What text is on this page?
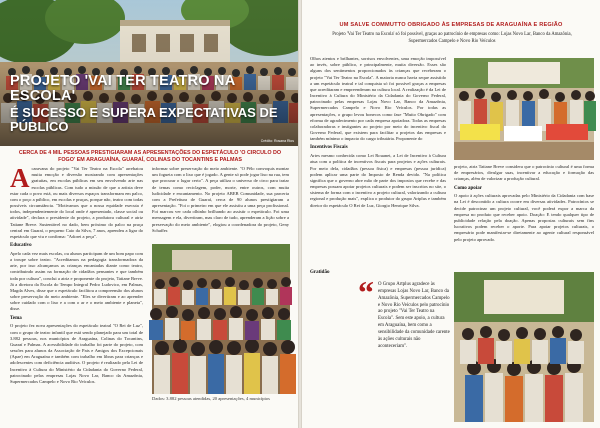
PROJETO 'VAI TER TEATRO NA ESCOLA'
É SUCESSO E SUPERA EXPECTATIVAS DE PÚBLICO
Crédito: Rosana Rios
CERCA DE 4 MIL PESSOAS PRESTIGIARAM AS APRESENTAÇÕES DO ESPETÁCULO 'O CIRCULO DO FOGO' EM ARAGUAÍNA, GUARAÍ, COLINAS DO TOCANTINS E PALMAS

Acaravana do projeto "Vai Ter Teatro na Escola" arrebatou muita emoção e diversão mostrando com apresentações gratuitas, em escolas públicas em seu envolvendo arte nas escolas públicas. Com tudo a missão de que a artista deve estar cada o povo está, ou mais diversos espaços transformam em palco, com o poço a público, em escolas e praças, porque não, teatro com todas possíveis circunstância. "Motivamos que a nossa equidade executa é todos, independentemente do local onde é apresentado, classe social ou atividade", declara o presidente do projeto, a produtora cultural e atriz Tatiane Breve. Sustentável no dado, bem próximo do palco na praça central em Guaraí, o pequeno Caio da Silva, 7 anos, aprendeu a ligar do espetáculo que viu e confirma: "Adorei a peça".

Educativo

Apelo cada vez mais escolas, ou alunos participam de um bom papo com a troupe sobre teatro. "Acreditamos na pedagogia transformadora da arte, por isso alcançamos as crianças encantadas diante como teatro, contribuindo assim na formação de cidadãos pensantes e que também toda por cultura", conclui a atriz e proponente do projeto, Tatiane Breve. Já a diretora da Escola do Tempo Integral Pedro Ludovico, em Palmas, Magda Alves, disse que o espetáculo facilitou a compreensão dos alunos sobre preservação do meio ambiente. "Eles se divertiram e ao aprender sobre cuidado com o lixo e a com o ar e o meio ambiente e planeta", disse.

Tema

O projeto fez nova apresentações do espetáculo teatral "O Rei de Luz", com o grupo de teatro infantil que está sendo planejado para um total de 3.882 pessoas, nos municípios de Araguaína, Colinas do Tocantins, Guaraí e Palmas. A acessibilidade do trabalho foi parte do projeto, com sessões para alunos da Associação de Pais e Amigos dos Excepcionais (Apae) em Araguaína e também com trabalho em libras para crianças e adolescentes com deficiência auditiva. O projeto é realizado pela Lei de Incentivo à Cultura do Ministério da Cidadania do Governo Federal, patrocinado pelas empresas Lojas Novo Lar, Banco da Amazônia, Supermercados Campelo e Novo Rio Veículos.

informar sobre preservação do meio ambiente. "O Pêlo convoquis montar um fogueta com o lixo que é jogado. A gente só pode jogar lixo na rua, tem que procurar o lugar certo". A peça utiliza o universo de circo para tratar de temas como reciclagem, poder, morte, entre outros, com muita ludicidade e encantamento. No projeto ABEB Comunidade, sua parceria com a Prefeitura de Guaraí, cerca de 90 alunos prestigiaram a apresentação. "Foi o primeiro em que ele assistiu a uma peça profissional. Foi marcou ver cada olhinho brilhando ao assistir o espetáculo. Foi uma mensagem e ela, divertiram, mas claro de tudo, aprenderam a lição sobre a preservação do meio ambiente", elogiou a coordenadora do projeto, Geny Schaffer.

Dados: 3.882 pessoas atendidas, 20 apresentações, 4 municípios
UM SALVE COMMUTTO OBRIGADO ÀS EMPRESAS DE ARAGUAÍNA E REGIÃO
Projeto 'Vai Ter Teatro na Escola' só foi possível, graças ao patrocínio de empresas como: Lojas Novo Lar, Banco da Amazônia, Supermercados Campelo e Novo Rio Veículos

Olhos atentos e brilhantes, sorrisos envolventes, uma emoção impossível ao invés, sobre público, e principalmente, muita diversão. Esses são alguns dos sentimentos proporcionados às crianças que receberam o projeto "Vai Ter Teatro na Escola". A maioria nunca havia seque assistido a um espetáculo teatral e tal conquista só foi possível graças a empresas que acreditaram e empreenderam na cultura local. A realização é da Lei de Incentivo à Cultura do Ministério da Cidadania do Governo Federal, patrocinado pelas empresas Lojas Novo Lar, Banco da Amazônia, Supermercados Campelo e Novo Rio Veículos. Por todas as apresentações, o grupo levou bonecos como fase "Muito Obrigado" com eforma de agradecimento por cada empresa apoiadora. Todas as empresas colaboradoras e instigantes ao projeto por meio do incentivo fiscal do Governo Federal, que existem para facilitar a projetos das empresas e também mínimo o impacto do cargo tributária. Proponente do

Incentivos Fiscais

Artes mesmo conhecida como Lei Rouanet, a Lei de Incentivo à Cultura atua com a política de incentivos fiscais para projetos e ações culturais. Por meio dela, cidadãos (pessoa física) e empresas (pessoa jurídica) podem aplicar uma parte do Imposto de Renda devido. "Na política significa que o governo abre mão de parte dos impostos que recebe e das empresas possam apoiar projetos culturais e podem ser inscritos no site, o sistema de forma com o incentivo a projeto cultural, valorizando a cultura regional e produção mais", explica o produtor do grupo Artplus e também diretor do espetáculo O Rei de Luz, Giorgio Henrique Silva.

projeto, atriz Tatiane Breve considera que o patrocínio cultural é uma forma de empresários, divulgar suas, incentivar a educação e formação das crianças, além de valorizar a produção cultural.

Como apoiar

O apoio à ações culturais aprovadas pelo Ministério da Cidadania com base na Lei é descontido a cultura ocorre em diversas atividades. Patrocínios se decide patrocinar um projeto cultural, você poderá expor a marca da empresa no produto que receber apoio. Doação: E tendo qualquer tipo de publicidade relação pela doação. Apenas propostas culturais sem fins lucrativos podem receber o aporte. Para apoiar projetos culturais, o empresário pode manifestar-se diretamente ao agente cultural responsável pelo projeto aprovado.

Gratidão
“ O Grupo Artplus agradece às empresas Lojas Novo Lar, Banco da Amazônia, Supermercados Campelo e Novo Rio Veículos pelo patrocínio ao projeto "Vai Ter Teatro na Escola". Sem este apoio, a cultura em Araguaína, bem como a sensibilidade da comunidade carente às ações culturais não aconteceriam".
